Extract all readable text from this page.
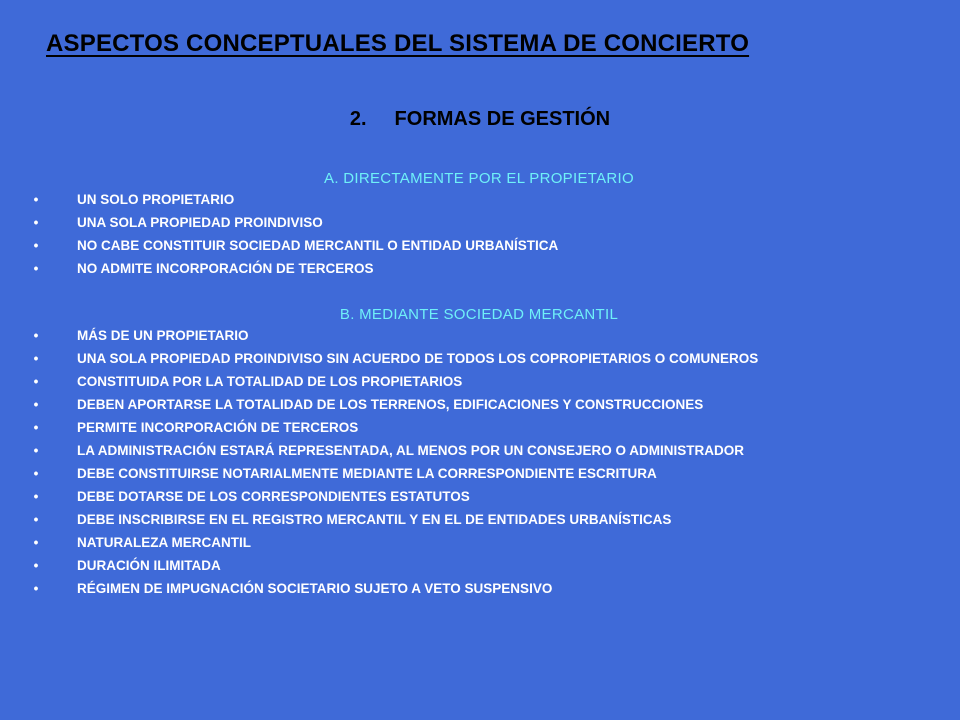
ASPECTOS CONCEPTUALES DEL SISTEMA DE CONCIERTO
2. FORMAS DE GESTIÓN
A. DIRECTAMENTE POR EL PROPIETARIO
•	UN SOLO PROPIETARIO
•	UNA SOLA PROPIEDAD PROINDIVISO
•	NO CABE CONSTITUIR SOCIEDAD MERCANTIL O ENTIDAD URBANÍSTICA
•	NO ADMITE INCORPORACIÓN DE TERCEROS
B. MEDIANTE SOCIEDAD MERCANTIL
•	MÁS DE UN PROPIETARIO
•	UNA SOLA PROPIEDAD PROINDIVISO SIN ACUERDO DE TODOS LOS COPROPIETARIOS O COMUNEROS
•	CONSTITUIDA POR LA TOTALIDAD DE LOS PROPIETARIOS
•	DEBEN APORTARSE LA TOTALIDAD DE LOS TERRENOS, EDIFICACIONES Y CONSTRUCCIONES
•	PERMITE INCORPORACIÓN DE TERCEROS
•	LA ADMINISTRACIÓN ESTARÁ REPRESENTADA, AL MENOS POR UN CONSEJERO O ADMINISTRADOR
•	DEBE CONSTITUIRSE NOTARIALMENTE MEDIANTE LA CORRESPONDIENTE ESCRITURA
•	DEBE DOTARSE DE LOS CORRESPONDIENTES ESTATUTOS
•	DEBE INSCRIBIRSE EN EL REGISTRO MERCANTIL Y EN EL DE ENTIDADES URBANÍSTICAS
•	NATURALEZA MERCANTIL
•	DURACIÓN ILIMITADA
•	RÉGIMEN DE IMPUGNACIÓN SOCIETARIO SUJETO A VETO SUSPENSIVO
